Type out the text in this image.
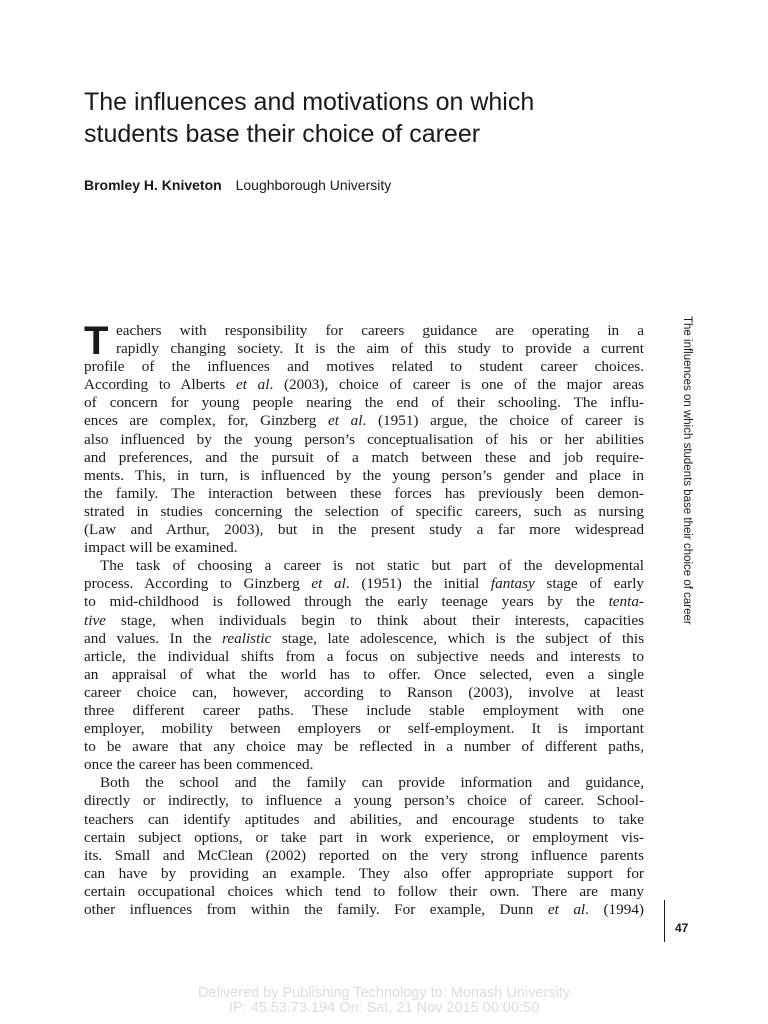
The influences and motivations on which
students base their choice of career
Bromley H. Kniveton Loughborough University
T eachers with responsibility for careers guidance are operating in a
rapidly changing society. It is the aim of this study to provide a current
profile of the influences and motives related to student career choices.
According to Alberts et al. (2003), choice of career is one of the major areas
of concern for young people nearing the end of their schooling. The influ-
ences are complex, for, Ginzberg et al. (1951) argue, the choice of career is
also influenced by the young person’s conceptualisation of his or her abilities
and preferences, and the pursuit of a match between these and job require-
ments. This, in turn, is influenced by the young person’s gender and place in
the family. The interaction between these forces has previously been demon-
strated in studies concerning the selection of specific careers, such as nursing
(Law and Arthur, 2003), but in the present study a far more widespread
impact will be examined.
The task of choosing a career is not static but part of the developmental
process. According to Ginzberg et al. (1951) the initial fantasy stage of early
to mid-childhood is followed through the early teenage years by the tenta-
tive stage, when individuals begin to think about their interests, capacities
and values. In the realistic stage, late adolescence, which is the subject of this
article, the individual shifts from a focus on subjective needs and interests to
an appraisal of what the world has to offer. Once selected, even a single
career choice can, however, according to Ranson (2003), involve at least
three different career paths. These include stable employment with one
employer, mobility between employers or self-employment. It is important
to be aware that any choice may be reflected in a number of different paths,
once the career has been commenced.
Both the school and the family can provide information and guidance,
directly or indirectly, to influence a young person’s choice of career. School-
teachers can identify aptitudes and abilities, and encourage students to take
certain subject options, or take part in work experience, or employment vis-
its. Small and McClean (2002) reported on the very strong influence parents
can have by providing an example. They also offer appropriate support for
certain occupational choices which tend to follow their own. There are many
other influences from within the family. For example, Dunn et al. (1994)
The influences on which students base their choice of career
47
Delivered by Publishing Technology to: Monash University
IP: 45.53.73.194 On: Sat, 21 Nov 2015 00:00:50
